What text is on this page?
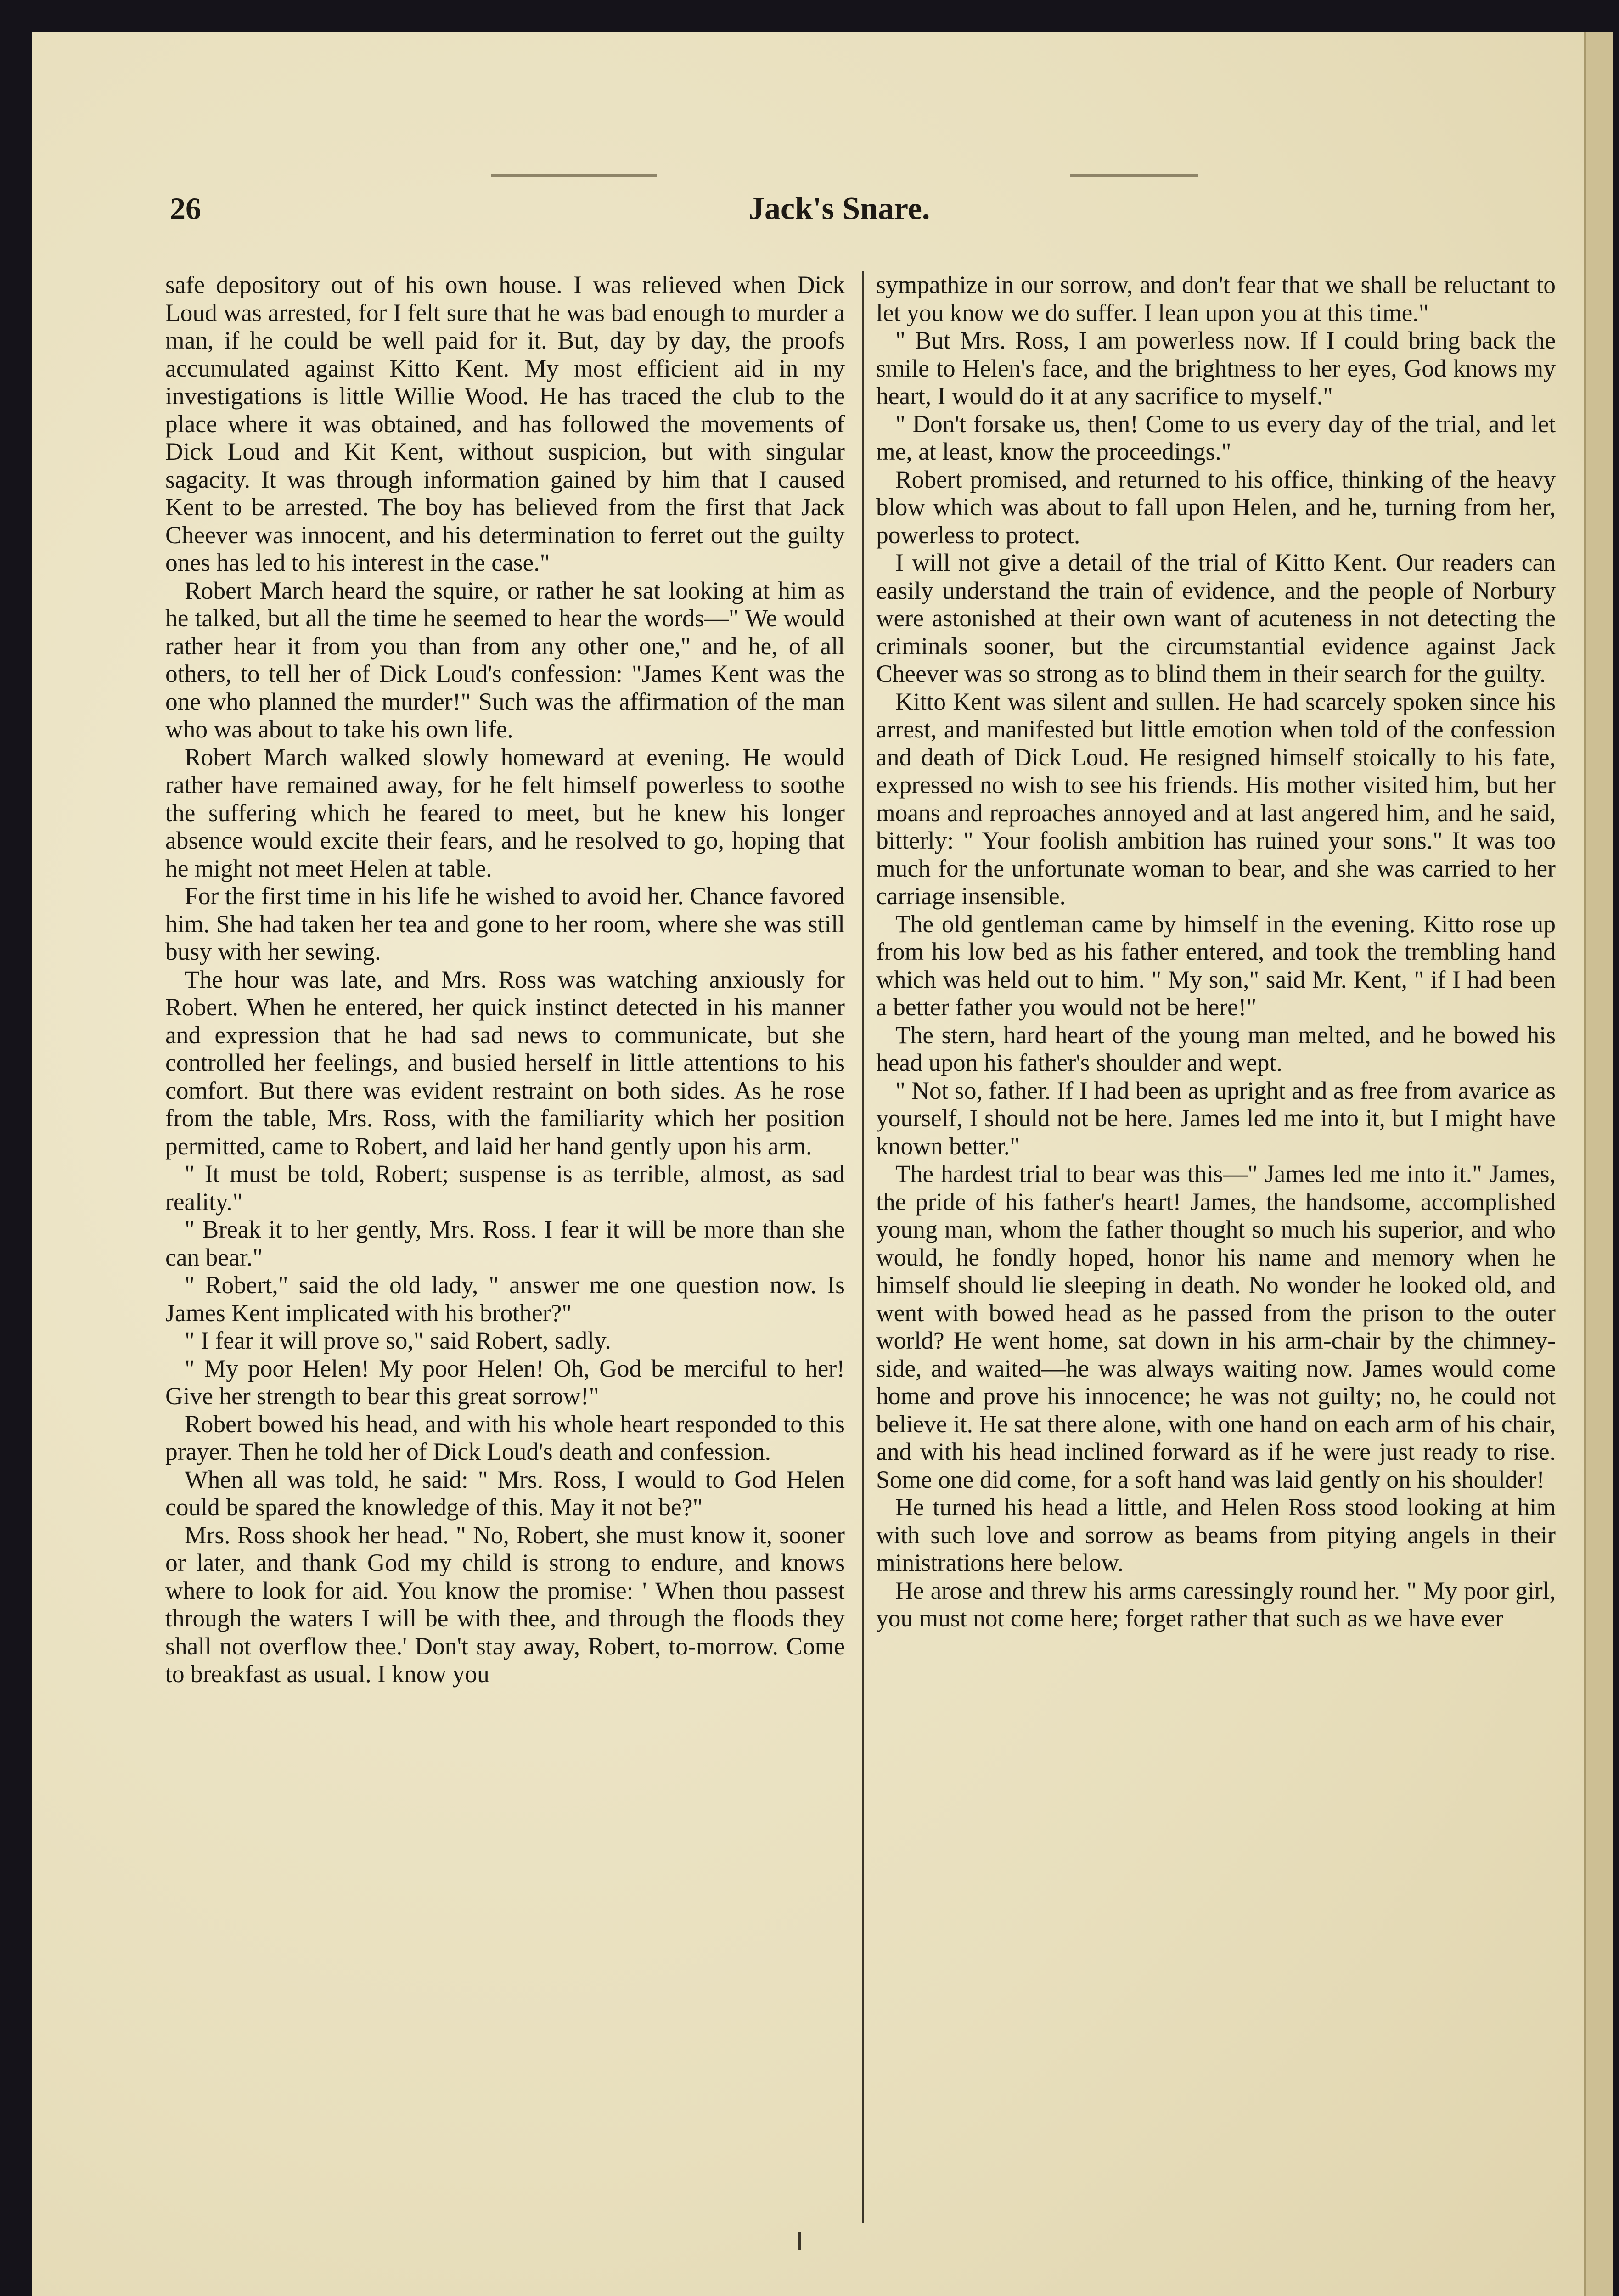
26	Jack's Snare.

safe depository out of his own house. I was relieved when Dick Loud was arrested, for I felt sure that he was bad enough to murder a man, if he could be well paid for it. But, day by day, the proofs accumulated against Kitto Kent. My most efficient aid in my investigations is little Willie Wood. He has traced the club to the place where it was obtained, and has followed the movements of Dick Loud and Kit Kent, without suspicion, but with singular sagacity. It was through information gained by him that I caused Kent to be arrested. The boy has believed from the first that Jack Cheever was innocent, and his determination to ferret out the guilty ones has led to his interest in the case."

Robert March heard the squire, or rather he sat looking at him as he talked, but all the time he seemed to hear the words—" We would rather hear it from you than from any other one," and he, of all others, to tell her of Dick Loud's confession: "James Kent was the one who planned the murder!" Such was the affirmation of the man who was about to take his own life.

Robert March walked slowly homeward at evening. He would rather have remained away, for he felt himself powerless to soothe the suffering which he feared to meet, but he knew his longer absence would excite their fears, and he resolved to go, hoping that he might not meet Helen at table.

For the first time in his life he wished to avoid her. Chance favored him. She had taken her tea and gone to her room, where she was still busy with her sewing.

The hour was late, and Mrs. Ross was watching anxiously for Robert. When he entered, her quick instinct detected in his manner and expression that he had sad news to communicate, but she controlled her feelings, and busied herself in little attentions to his comfort. But there was evident restraint on both sides. As he rose from the table, Mrs. Ross, with the familiarity which her position permitted, came to Robert, and laid her hand gently upon his arm.

" It must be told, Robert; suspense is as terrible, almost, as sad reality."

" Break it to her gently, Mrs. Ross. I fear it will be more than she can bear."

" Robert," said the old lady, " answer me one question now. Is James Kent implicated with his brother?"

" I fear it will prove so," said Robert, sadly.

" My poor Helen! My poor Helen! Oh, God be merciful to her! Give her strength to bear this great sorrow!"

Robert bowed his head, and with his whole heart responded to this prayer. Then he told her of Dick Loud's death and confession.

When all was told, he said: " Mrs. Ross, I would to God Helen could be spared the knowledge of this. May it not be?"

Mrs. Ross shook her head. " No, Robert, she must know it, sooner or later, and thank God my child is strong to endure, and knows where to look for aid. You know the promise: ' When thou passest through the waters I will be with thee, and through the floods they shall not overflow thee.' Don't stay away, Robert, to-morrow. Come to breakfast as usual. I know you

sympathize in our sorrow, and don't fear that we shall be reluctant to let you know we do suffer. I lean upon you at this time."

" But Mrs. Ross, I am powerless now. If I could bring back the smile to Helen's face, and the brightness to her eyes, God knows my heart, I would do it at any sacrifice to myself."

" Don't forsake us, then! Come to us every day of the trial, and let me, at least, know the proceedings."

Robert promised, and returned to his office, thinking of the heavy blow which was about to fall upon Helen, and he, turning from her, powerless to protect.

I will not give a detail of the trial of Kitto Kent. Our readers can easily understand the train of evidence, and the people of Norbury were astonished at their own want of acuteness in not detecting the criminals sooner, but the circumstantial evidence against Jack Cheever was so strong as to blind them in their search for the guilty.

Kitto Kent was silent and sullen. He had scarcely spoken since his arrest, and manifested but little emotion when told of the confession and death of Dick Loud. He resigned himself stoically to his fate, expressed no wish to see his friends. His mother visited him, but her moans and reproaches annoyed and at last angered him, and he said, bitterly: " Your foolish ambition has ruined your sons." It was too much for the unfortunate woman to bear, and she was carried to her carriage insensible.

The old gentleman came by himself in the evening. Kitto rose up from his low bed as his father entered, and took the trembling hand which was held out to him. " My son," said Mr. Kent, " if I had been a better father you would not be here!"

The stern, hard heart of the young man melted, and he bowed his head upon his father's shoulder and wept.

" Not so, father. If I had been as upright and as free from avarice as yourself, I should not be here. James led me into it, but I might have known better."

The hardest trial to bear was this—" James led me into it." James, the pride of his father's heart! James, the handsome, accomplished young man, whom the father thought so much his superior, and who would, he fondly hoped, honor his name and memory when he himself should lie sleeping in death. No wonder he looked old, and went with bowed head as he passed from the prison to the outer world? He went home, sat down in his arm-chair by the chimney-side, and waited—he was always waiting now. James would come home and prove his innocence; he was not guilty; no, he could not believe it. He sat there alone, with one hand on each arm of his chair, and with his head inclined forward as if he were just ready to rise. Some one did come, for a soft hand was laid gently on his shoulder!

He turned his head a little, and Helen Ross stood looking at him with such love and sorrow as beams from pitying angels in their ministrations here below.

He arose and threw his arms caressingly round her. " My poor girl, you must not come here; forget rather that such as we have ever
